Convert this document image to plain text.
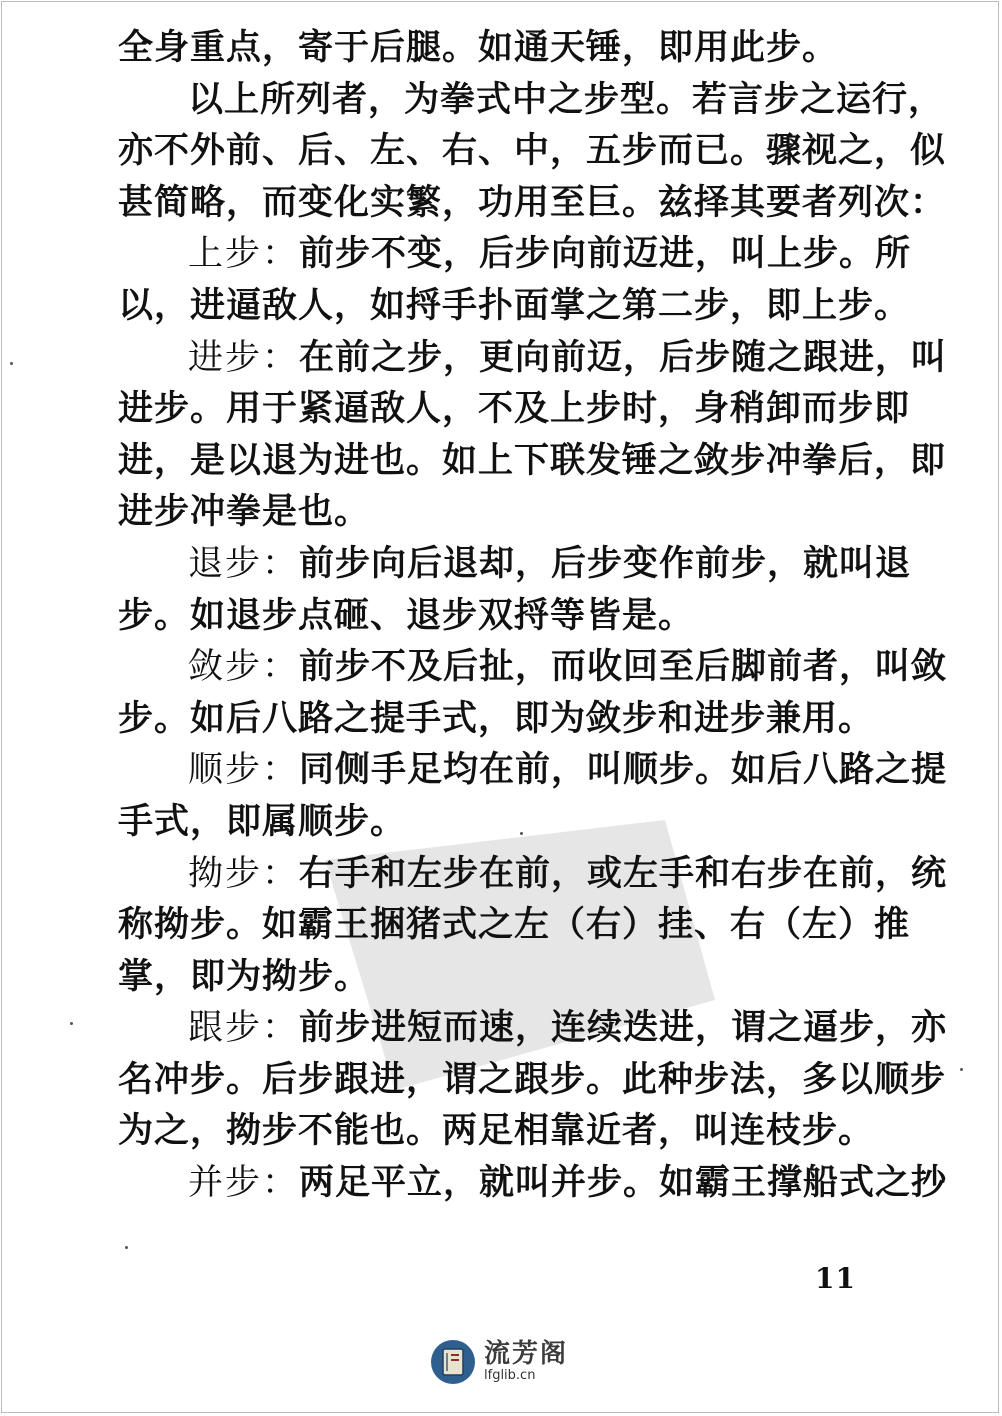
全身重点，寄于后腿。如通天锤，即用此步。
以上所列者，为拳式中之步型。若言步之运行，
亦不外前、后、左、右、中，五步而已。骤视之，似
甚简略，而变化实繁，功用至巨。兹择其要者列次：
上步： 前步不变，后步向前迈进，叫上步。所
以，进逼敌人，如捋手扑面掌之第二步，即上步。
进步： 在前之步，更向前迈，后步随之跟进，叫
进步。用于紧逼敌人，不及上步时，身稍卸而步即
进，是以退为进也。如上下联发锤之敛步冲拳后，即
进步冲拳是也。
退步： 前步向后退却，后步变作前步，就叫退
步。如退步点砸、退步双捋等皆是。
敛步： 前步不及后扯，而收回至后脚前者，叫敛
步。如后八路之提手式，即为敛步和进步兼用。
顺步： 同侧手足均在前，叫顺步。如后八路之提
手式，即属顺步。
拗步： 右手和左步在前，或左手和右步在前，统
称拗步。如霸王捆猪式之左（右）挂、右（左）推
掌，即为拗步。
跟步： 前步进短而速，连续迭进，谓之逼步，亦
名冲步。后步跟进，谓之跟步。此种步法，多以顺步
为之，拗步不能也。两足相靠近者，叫连枝步。
并步： 两足平立，就叫并步。如霸王撑船式之抄
11
流芳阁
lfglib.cn
